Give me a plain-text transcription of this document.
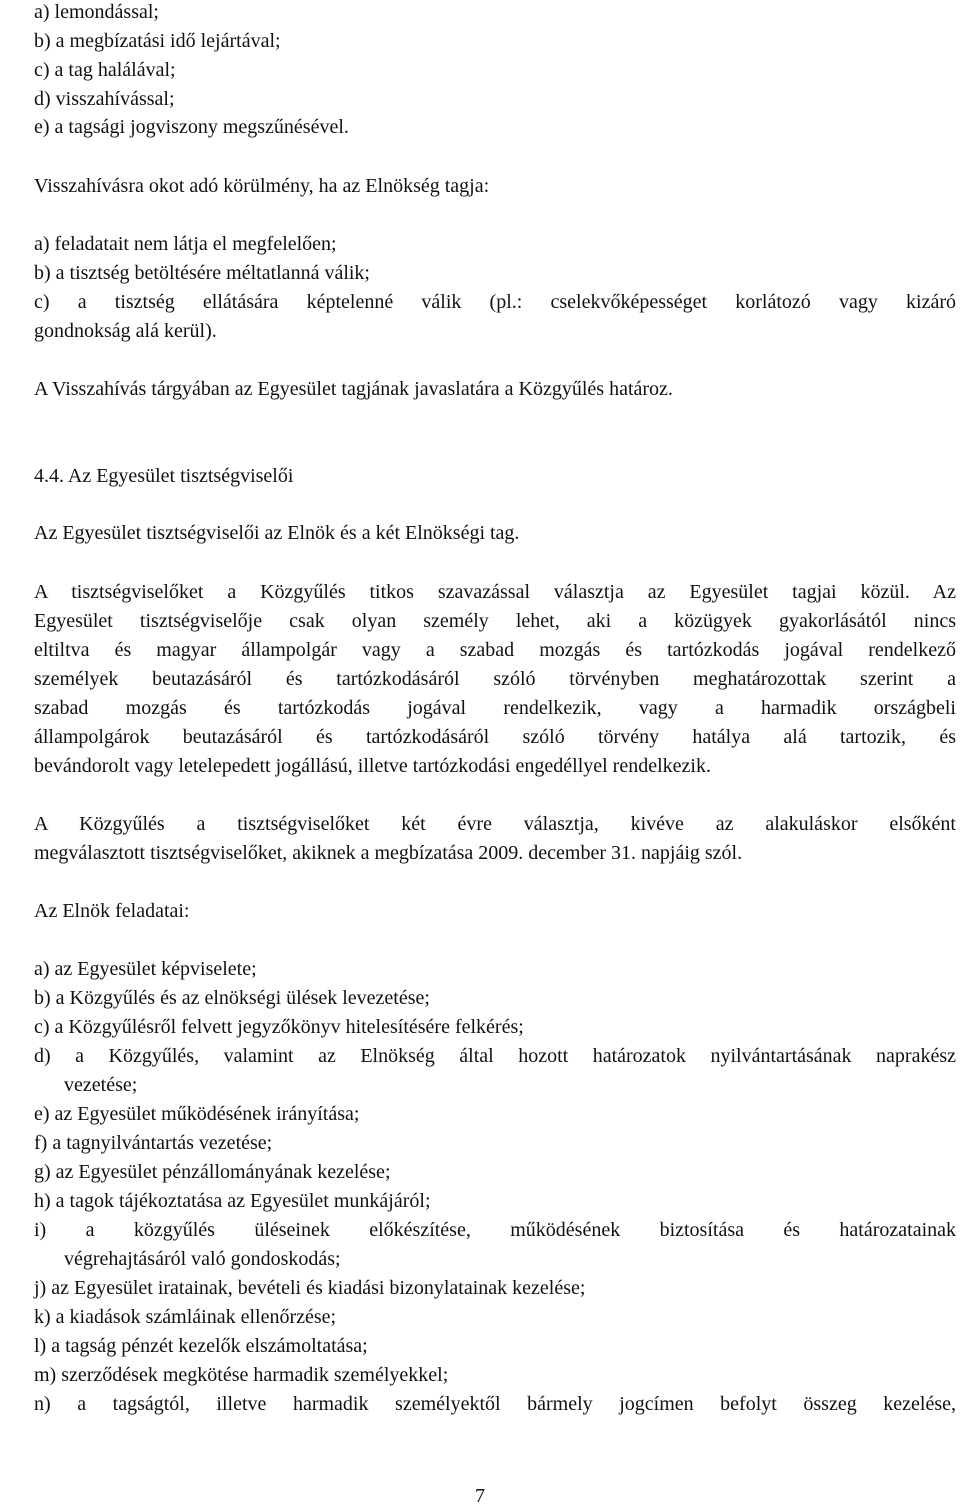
a) lemondással;
b) a megbízatási idő lejártával;
c) a tag halálával;
d) visszahívással;
e) a tagsági jogviszony megszűnésével.
Visszahívásra okot adó körülmény, ha az Elnökség tagja:
a) feladatait nem látja el megfelelően;
b) a tisztség betöltésére méltatlanná válik;
c) a tisztség ellátására képtelenné válik (pl.: cselekvőképességet korlátozó vagy kizáró
gondnokság alá kerül).
A Visszahívás tárgyában az Egyesület tagjának javaslatára a Közgyűlés határoz.
4.4. Az Egyesület tisztségviselői
Az Egyesület tisztségviselői az Elnök és a két Elnökségi tag.
A tisztségviselőket a Közgyűlés titkos szavazással választja az Egyesület tagjai közül. Az
Egyesület tisztségviselője csak olyan személy lehet, aki a közügyek gyakorlásától nincs
eltiltva és magyar állampolgár vagy a szabad mozgás és tartózkodás jogával rendelkező
személyek beutazásáról és tartózkodásáról szóló törvényben meghatározottak szerint a
szabad mozgás és tartózkodás jogával rendelkezik, vagy a harmadik országbeli
állampolgárok beutazásáról és tartózkodásáról szóló törvény hatálya alá tartozik, és
bevándorolt vagy letelepedett jogállású, illetve tartózkodási engedéllyel rendelkezik.
A Közgyűlés a tisztségviselőket két évre választja, kivéve az alakuláskor elsőként
megválasztott tisztségviselőket, akiknek a megbízatása 2009. december 31. napjáig szól.
Az Elnök feladatai:
a) az Egyesület képviselete;
b) a Közgyűlés és az elnökségi ülések levezetése;
c) a Közgyűlésről felvett jegyzőkönyv hitelesítésére felkérés;
d) a Közgyűlés, valamint az Elnökség által hozott határozatok nyilvántartásának naprakész
vezetése;
e) az Egyesület működésének irányítása;
f) a tagnyilvántartás vezetése;
g) az Egyesület pénzállományának kezelése;
h) a tagok tájékoztatása az Egyesület munkájáról;
i) a közgyűlés üléseinek előkészítése, működésének biztosítása és határozatainak
végrehajtásáról való gondoskodás;
j) az Egyesület iratainak, bevételi és kiadási bizonylatainak kezelése;
k) a kiadások számláinak ellenőrzése;
l) a tagság pénzét kezelők elszámoltatása;
m) szerződések megkötése harmadik személyekkel;
n) a tagságtól, illetve harmadik személyektől bármely jogcímen befolyt összeg kezelése,
7
